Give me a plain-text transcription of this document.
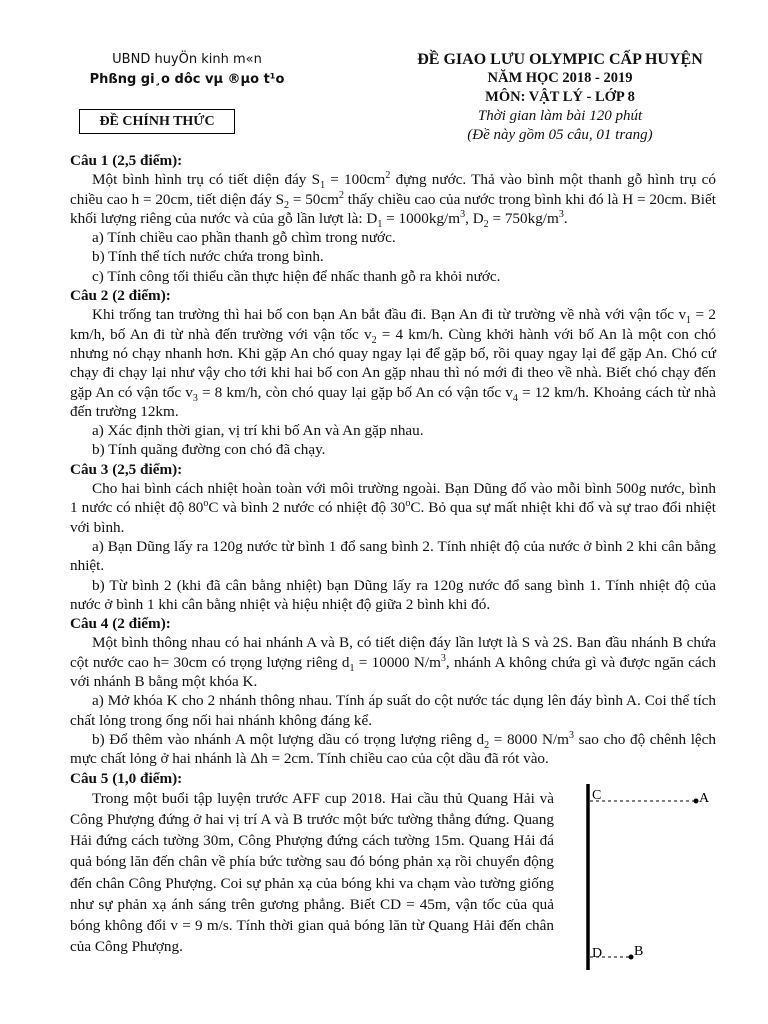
UBND huyÖn kinh m«n
Phßng gi¸o dôc vµ ®µo t¹o
ĐỀ CHÍNH THỨC
ĐỀ GIAO LƯU OLYMPIC CẤP HUYỆN
NĂM HỌC 2018 - 2019
MÔN: VẬT LÝ - LỚP 8
Thời gian làm bài 120 phút
(Đề này gồm 05 câu, 01 trang)

Câu 1 (2,5 điểm):

Một bình hình trụ có tiết diện đáy $S_1 = 100cm^2$ đựng nước. Thả vào bình một thanh gỗ hình trụ có chiều cao h = 20cm, tiết diện đáy $S_2 = 50cm^2$ thấy chiều cao của nước trong bình khi đó là H = 20cm. Biết khối lượng riêng của nước và của gỗ lần lượt là: $D_1 = 1000kg/m^3$, $D_2 = 750kg/m^3$.

a) Tính chiều cao phần thanh gỗ chìm trong nước.

b) Tính thể tích nước chứa trong bình.

c) Tính công tối thiểu cần thực hiện để nhấc thanh gỗ ra khỏi nước.

Câu 2 (2 điểm):

Khi trống tan trường thì hai bố con bạn An bắt đầu đi. Bạn An đi từ trường về nhà với vận tốc $v_1 = 2$ km/h, bố An đi từ nhà đến trường với vận tốc $v_2 = 4$ km/h. Cùng khởi hành với bố An là một con chó nhưng nó chạy nhanh hơn. Khi gặp An chó quay ngay lại để gặp bố, rồi quay ngay lại để gặp An. Chó cứ chạy đi chạy lại như vậy cho tới khi hai bố con An gặp nhau thì nó mới đi theo về nhà. Biết chó chạy đến gặp An có vận tốc $v_3 = 8$ km/h, còn chó quay lại gặp bố An có vận tốc $v_4 = 12$ km/h. Khoảng cách từ nhà đến trường 12km.

a) Xác định thời gian, vị trí khi bố An và An gặp nhau.

b) Tính quãng đường con chó đã chạy.

Câu 3 (2,5 điểm):

Cho hai bình cách nhiệt hoàn toàn với môi trường ngoài. Bạn Dũng đổ vào mỗi bình 500g nước, bình 1 nước có nhiệt độ 80$^o$C và bình 2 nước có nhiệt độ 30$^o$C. Bỏ qua sự mất nhiệt khi đổ và sự trao đổi nhiệt với bình.

a) Bạn Dũng lấy ra 120g nước từ bình 1 đổ sang bình 2. Tính nhiệt độ của nước ở bình 2 khi cân bằng nhiệt.

b) Từ bình 2 (khi đã cân bằng nhiệt) bạn Dũng lấy ra 120g nước đổ sang bình 1. Tính nhiệt độ của nước ở bình 1 khi cân bằng nhiệt và hiệu nhiệt độ giữa 2 bình khi đó.

Câu 4 (2 điểm):

Một bình thông nhau có hai nhánh A và B, có tiết diện đáy lần lượt là S và 2S. Ban đầu nhánh B chứa cột nước cao h= 30cm có trọng lượng riêng $d_1 = 10000$ $N/m^3$, nhánh A không chứa gì và được ngăn cách với nhánh B bằng một khóa K.

a) Mở khóa K cho 2 nhánh thông nhau. Tính áp suất do cột nước tác dụng lên đáy bình A. Coi thể tích chất lỏng trong ống nối hai nhánh không đáng kể.

b) Đổ thêm vào nhánh A một lượng dầu có trọng lượng riêng $d_2 = 8000$ $N/m^3$ sao cho độ chênh lệch mực chất lỏng ở hai nhánh là Δh = 2cm. Tính chiều cao của cột dầu đã rót vào.

Câu 5 (1,0 điểm):

Trong một buổi tập luyện trước AFF cup 2018. Hai cầu thủ Quang Hải và Công Phượng đứng ở hai vị trí A và B trước một bức tường thẳng đứng. Quang Hải đứng cách tường 30m, Công Phượng đứng cách tường 15m. Quang Hải đá quả bóng lăn đến chân về phía bức tường sau đó bóng phản xạ rồi chuyển động đến chân Công Phượng. Coi sự phản xạ của bóng khi va chạm vào tường giống như sự phản xạ ánh sáng trên gương phẳng. Biết CD = 45m, vận tốc của quả bóng không đổi v = 9 m/s. Tính thời gian quả bóng lăn từ Quang Hải đến chân của Công Phượng.

C	A
D B
